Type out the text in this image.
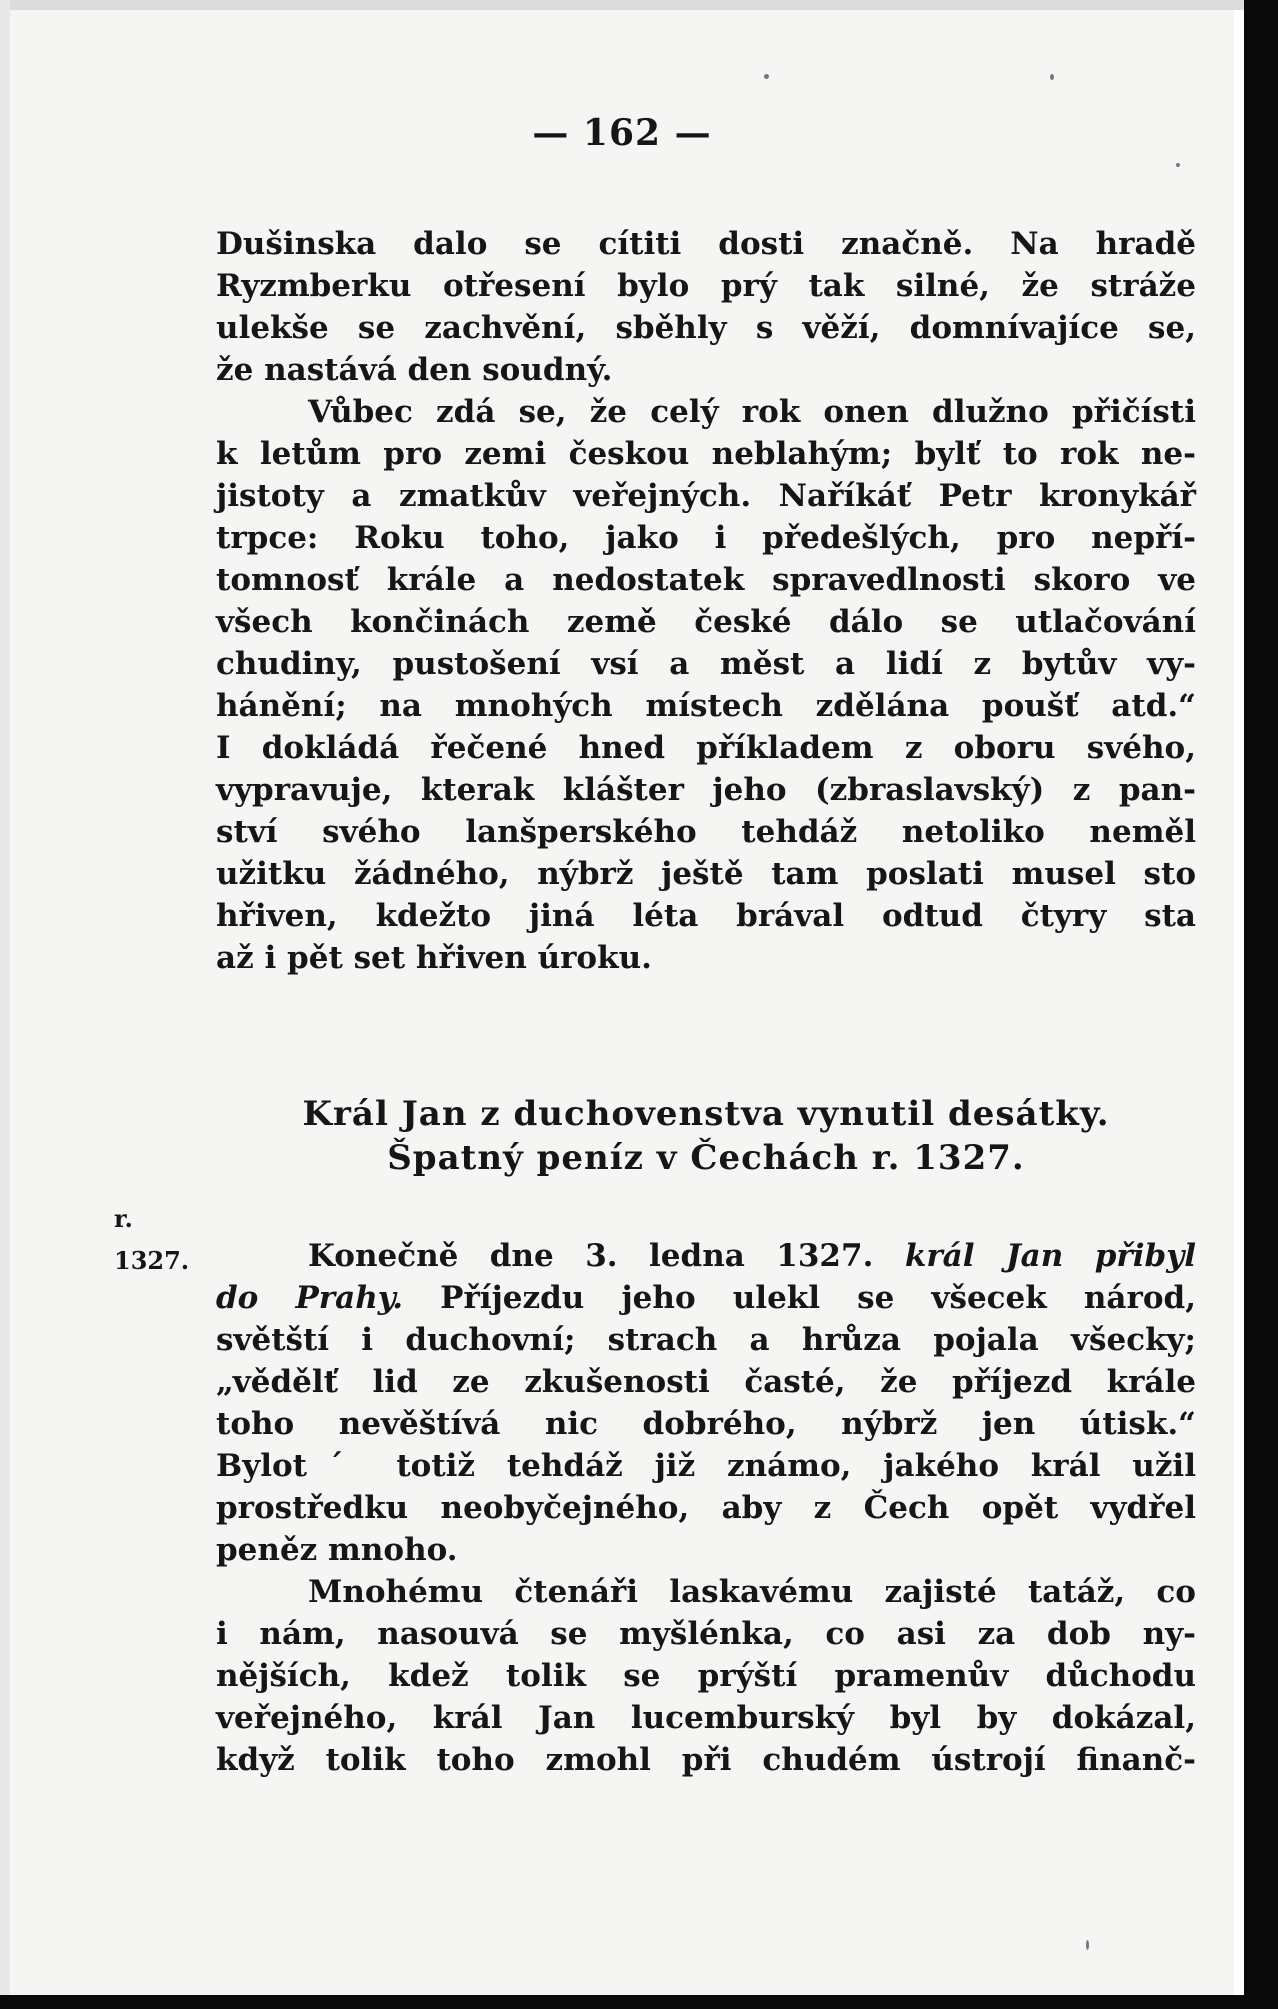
— 162 —
Dušinska dalo se cítiti dosti značně. Na hradě
Ryzmberku otřesení bylo prý tak silné, že stráže
ulekše se zachvění, sběhly s věží, domnívajíce se,
že nastává den soudný.
Vůbec zdá se, že celý rok onen dlužno přičísti
k letům pro zemi českou neblahým; bylť to rok ne-
jistoty a zmatkův veřejných. Naříkáť Petr kronykář
trpce: Roku toho, jako i předešlých, pro nepří-
tomnosť krále a nedostatek spravedlnosti skoro ve
všech končinách země české dálo se utlačování
chudiny, pustošení vsí a měst a lidí z bytův vy-
hánění; na mnohých místech zdělána poušť atd.“
I dokládá řečené hned příkladem z oboru svého,
vypravuje, kterak klášter jeho (zbraslavský) z pan-
ství svého lanšperského tehdáž netoliko neměl
užitku žádného, nýbrž ještě tam poslati musel sto
hřiven, kdežto jiná léta brával odtud čtyry sta
až i pět set hřiven úroku.
Král Jan z duchovenstva vynutil desátky.
Špatný peníz v Čechách r. 1327.
r.
1327.	Konečně dne 3. ledna 1327. král Jan přibyl
do Prahy. Příjezdu jeho ulekl se všecek národ,
světští i duchovní; strach a hrůza pojala všecky;
„vědělť lid ze zkušenosti časté, že příjezd krále
toho nevěštívá nic dobrého, nýbrž jen útisk.“
Bylotˊ totiž tehdáž již známo, jakého král užil
prostředku neobyčejného, aby z Čech opět vydřel
peněz mnoho.
Mnohému čtenáři laskavému zajisté tatáž, co
i nám, nasouvá se myšlénka, co asi za dob ny-
nějších, kdež tolik se prýští pramenův důchodu
veřejného, král Jan lucemburský byl by dokázal,
když tolik toho zmohl při chudém ústrojí finanč-
